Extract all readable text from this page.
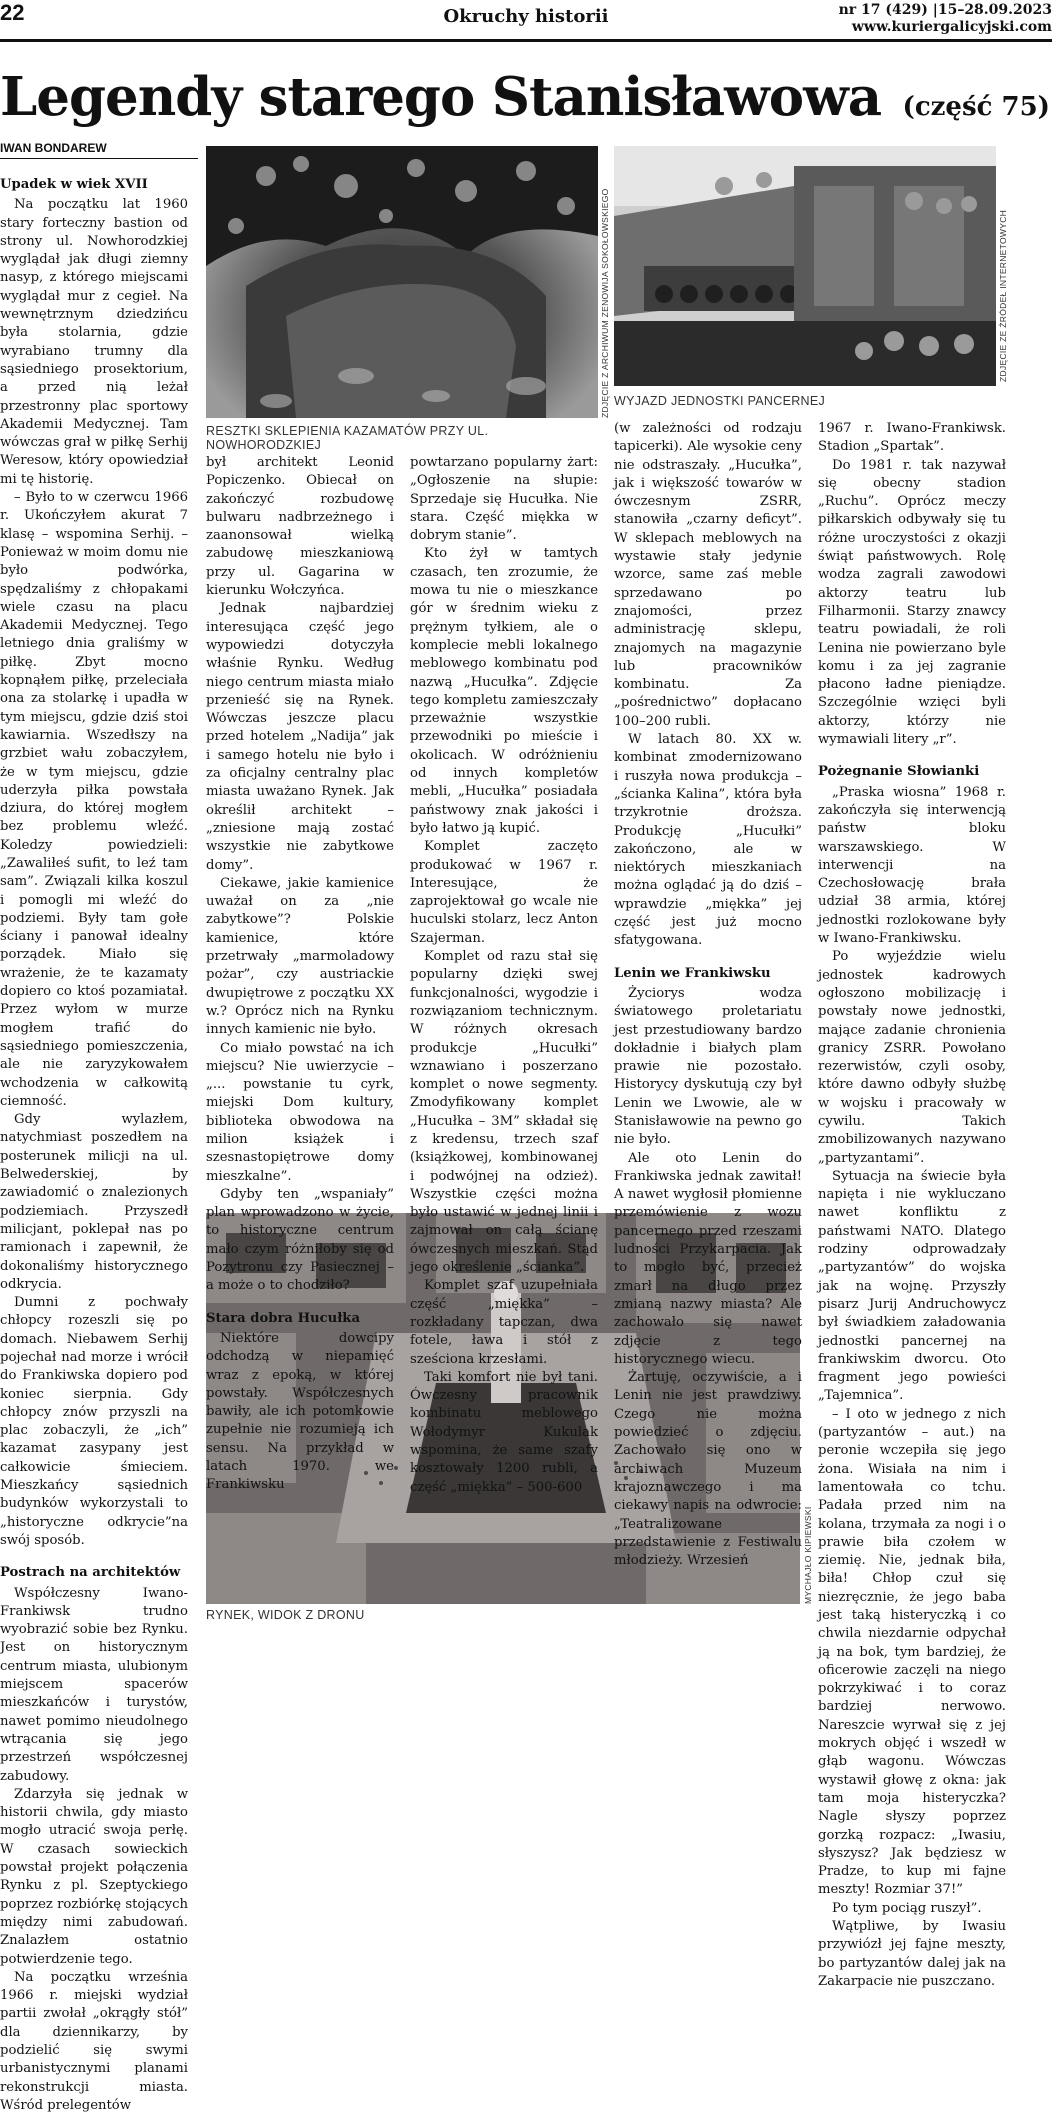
22	Okruchy historii	nr 17 (429) |15–28.09.2023
www.kuriergalicyjski.com
Legendy starego Stanisławowa (część 75)
IWAN BONDAREW
ZDJĘCIE Z ARCHIWUM ZENOWIJA SOKOŁOWSKIEGO
RESZTKI SKLEPIENIA KAZAMATÓW PRZY UL. NOWHORODZKIEJ
ZDJĘCIE ZE ŹRÓDEŁ INTERNETOWYCH
WYJAZD JEDNOSTKI PANCERNEJ
MYCHAJŁO KIPIEWSKI
RYNEK, WIDOK Z DRONU
Upadek w wiek XVII

Na początku lat 1960 stary forteczny bastion od strony ul. Nowhorodzkiej wyglądał jak długi ziemny nasyp, z którego miejscami wyglądał mur z cegieł. Na wewnętrznym dziedzińcu była stolarnia, gdzie wyrabiano trumny dla sąsiedniego prosektorium, a przed nią leżał przestronny plac sportowy Akademii Medycznej. Tam wówczas grał w piłkę Serhij Weresow, który opowiedział mi tę historię.

– Było to w czerwcu 1966 r. Ukończyłem akurat 7 klasę – wspomina Serhij. – Ponieważ w moim domu nie było podwórka, spędzaliśmy z chłopakami wiele czasu na placu Akademii Medycznej. Tego letniego dnia graliśmy w piłkę. Zbyt mocno kopnąłem piłkę, przeleciała ona za stolarkę i upadła w tym miejscu, gdzie dziś stoi kawiarnia. Wszedłszy na grzbiet wału zobaczyłem, że w tym miejscu, gdzie uderzyła piłka powstała dziura, do której mogłem bez problemu wleźć. Koledzy powiedzieli: „Zawaliłeś sufit, to leź tam sam”. Związali kilka koszul i pomogli mi wleźć do podziemi. Były tam gołe ściany i panował idealny porządek. Miało się wrażenie, że te kazamaty dopiero co ktoś pozamiatał. Przez wyłom w murze mogłem trafić do sąsiedniego pomieszczenia, ale nie zaryzykowałem wchodzenia w całkowitą ciemność.

Gdy wylazłem, natychmiast poszedłem na posterunek milicji na ul. Belwederskiej, by zawiadomić o znalezionych podziemiach. Przyszedł milicjant, poklepał nas po ramionach i zapewnił, że dokonaliśmy historycznego odkrycia.

Dumni z pochwały chłopcy rozeszli się po domach. Niebawem Serhij pojechał nad morze i wrócił do Frankiwska dopiero pod koniec sierpnia. Gdy chłopcy znów przyszli na plac zobaczyli, że „ich” kazamat zasypany jest całkowicie śmieciem. Mieszkańcy sąsiednich budynków wykorzystali to „historyczne odkrycie”na swój sposób.

Postrach na architektów

Współczesny Iwano-Frankiwsk trudno wyobrazić sobie bez Rynku. Jest on historycznym centrum miasta, ulubionym miejscem spacerów mieszkańców i turystów, nawet pomimo nieudolnego wtrącania się jego przestrzeń współczesnej zabudowy.

Zdarzyła się jednak w historii chwila, gdy miasto mogło utracić swoja perłę. W czasach sowieckich powstał projekt połączenia Rynku z pl. Szeptyckiego poprzez rozbiórkę stojących między nimi zabudowań. Znalazłem ostatnio potwierdzenie tego.

Na początku września 1966 r. miejski wydział partii zwołał „okrągły stół” dla dziennikarzy, by podzielić się swymi urbanistycznymi planami rekonstrukcji miasta. Wśród prelegentów

był architekt Leonid Popiczenko. Obiecał on zakończyć rozbudowę bulwaru nadbrzeżnego i zaanonsował wielką zabudowę mieszkaniową przy ul. Gagarina w kierunku Wołczyńca.

Jednak najbardziej interesująca część jego wypowiedzi dotyczyła właśnie Rynku. Według niego centrum miasta miało przenieść się na Rynek. Wówczas jeszcze placu przed hotelem „Nadija” jak i samego hotelu nie było i za oficjalny centralny plac miasta uważano Rynek. Jak określił architekt – „zniesione mają zostać wszystkie nie zabytkowe domy”.

Ciekawe, jakie kamienice uważał on za „nie zabytkowe”? Polskie kamienice, które przetrwały „marmoladowy pożar”, czy austriackie dwupiętrowe z początku XX w.? Oprócz nich na Rynku innych kamienic nie było.

Co miało powstać na ich miejscu? Nie uwierzycie – „... powstanie tu cyrk, miejski Dom kultury, biblioteka obwodowa na milion książek i szesnastopiętrowe domy mieszkalne”.

Gdyby ten „wspaniały” plan wprowadzono w życie, to historyczne centrum mało czym różniłoby się od Pozytronu czy Pasiecznej – a może o to chodziło?

Stara dobra Hucułka

Niektóre dowcipy odchodzą w niepamięć wraz z epoką, w której powstały. Współczesnych bawiły, ale ich potomkowie zupełnie nie rozumieją ich sensu. Na przykład w latach 1970. we Frankiwsku

powtarzano popularny żart: „Ogłoszenie na słupie: Sprzedaje się Hucułka. Nie stara. Część miękka w dobrym stanie”.

Kto żył w tamtych czasach, ten zrozumie, że mowa tu nie o mieszkance gór w średnim wieku z prężnym tyłkiem, ale o komplecie mebli lokalnego meblowego kombinatu pod nazwą „Hucułka”. Zdjęcie tego kompletu zamieszczały przeważnie wszystkie przewodniki po mieście i okolicach. W odróżnieniu od innych kompletów mebli, „Hucułka” posiadała państwowy znak jakości i było łatwo ją kupić.

Komplet zaczęto produkować w 1967 r. Interesujące, że zaprojektował go wcale nie huculski stolarz, lecz Anton Szajerman.

Komplet od razu stał się popularny dzięki swej funkcjonalności, wygodzie i rozwiązaniom technicznym. W różnych okresach produkcje „Hucułki” wznawiano i poszerzano komplet o nowe segmenty. Zmodyfikowany komplet „Hucułka – 3M” składał się z kredensu, trzech szaf (książkowej, kombinowanej i podwójnej na odzież). Wszystkie części można było ustawić w jednej linii i zajmował on całą ścianę ówczesnych mieszkań. Stąd jego określenie „ścianka”.

Komplet szaf uzupełniała część „miękka” – rozkładany tapczan, dwa fotele, ława i stół z sześciona krzesłami.

Taki komfort nie był tani. Ówczesny pracownik kombinatu meblowego Wołodymyr Kukulak wspomina, że same szafy kosztowały 1200 rubli, a część „miękka” – 500-600

(w zależności od rodzaju tapicerki). Ale wysokie ceny nie odstraszały. „Hucułka”, jak i większość towarów w ówczesnym ZSRR, stanowiła „czarny deficyt”. W sklepach meblowych na wystawie stały jedynie wzorce, same zaś meble sprzedawano po znajomości, przez administrację sklepu, znajomych na magazynie lub pracowników kombinatu. Za „pośrednictwo” dopłacano 100–200 rubli.

W latach 80. XX w. kombinat zmodernizowano i ruszyła nowa produkcja – „ścianka Kalina”, która była trzykrotnie droższa. Produkcję „Hucułki” zakończono, ale w niektórych mieszkaniach można oglądać ją do dziś – wprawdzie „miękka” jej część jest już mocno sfatygowana.

Lenin we Frankiwsku

Życiorys wodza światowego proletariatu jest przestudiowany bardzo dokładnie i białych plam prawie nie pozostało. Historycy dyskutują czy był Lenin we Lwowie, ale w Stanisławowie na pewno go nie było.

Ale oto Lenin do Frankiwska jednak zawitał! A nawet wygłosił płomienne przemówienie z wozu pancernego przed rzeszami ludności Przykarpacia. Jak to mogło być, przecież zmarł na długo przez zmianą nazwy miasta? Ale zachowało się nawet zdjęcie z tego historycznego wiecu.

Żartuję, oczywiście, a i Lenin nie jest prawdziwy. Czego nie można powiedzieć o zdjęciu. Zachowało się ono w archiwach Muzeum krajoznawczego i ma ciekawy napis na odwrocie: „Teatralizowane przedstawienie z Festiwalu młodzieży. Wrzesień

1967 r. Iwano-Frankiwsk. Stadion „Spartak”.

Do 1981 r. tak nazywał się obecny stadion „Ruchu”. Oprócz meczy piłkarskich odbywały się tu różne uroczystości z okazji świąt państwowych. Rolę wodza zagrali zawodowi aktorzy teatru lub Filharmonii. Starzy znawcy teatru powiadali, że roli Lenina nie powierzano byle komu i za jej zagranie płacono ładne pieniądze. Szczególnie wzięci byli aktorzy, którzy nie wymawiali litery „r”.

Pożegnanie Słowianki

„Praska wiosna” 1968 r. zakończyła się interwencją państw bloku warszawskiego. W interwencji na Czechosłowację brała udział 38 armia, której jednostki rozlokowane były w Iwano-Frankiwsku.

Po wyjeździe wielu jednostek kadrowych ogłoszono mobilizację i powstały nowe jednostki, mające zadanie chronienia granicy ZSRR. Powołano rezerwistów, czyli osoby, które dawno odbyły służbę w wojsku i pracowały w cywilu. Takich zmobilizowanych nazywano „partyzantami”.

Sytuacja na świecie była napięta i nie wykluczano nawet konfliktu z państwami NATO. Dlatego rodziny odprowadzały „partyzantów” do wojska jak na wojnę. Przyszły pisarz Jurij Andruchowycz był świadkiem załadowania jednostki pancernej na frankiwskim dworcu. Oto fragment jego powieści „Tajemnica”.

– I oto w jednego z nich (partyzantów – aut.) na peronie wczepiła się jego żona. Wisiała na nim i lamentowała co tchu. Padała przed nim na kolana, trzymała za nogi i o prawie biła czołem w ziemię. Nie, jednak biła, biła! Chłop czuł się niezręcznie, że jego baba jest taką histeryczką i co chwila niezdarnie odpychał ją na bok, tym bardziej, że oficerowie zaczęli na niego pokrzykiwać i to coraz bardziej nerwowo. Nareszcie wyrwał się z jej mokrych objęć i wszedł w głąb wagonu. Wówczas wystawił głowę z okna: jak tam moja histeryczka? Nagle słyszy poprzez gorzką rozpacz: „Iwasiu, słyszysz? Jak będziesz w Pradze, to kup mi fajne meszty! Rozmiar 37!”

Po tym pociąg ruszył”.

Wątpliwe, by Iwasiu przywiózł jej fajne meszty, bo partyzantów dalej jak na Zakarpacie nie puszczano.
